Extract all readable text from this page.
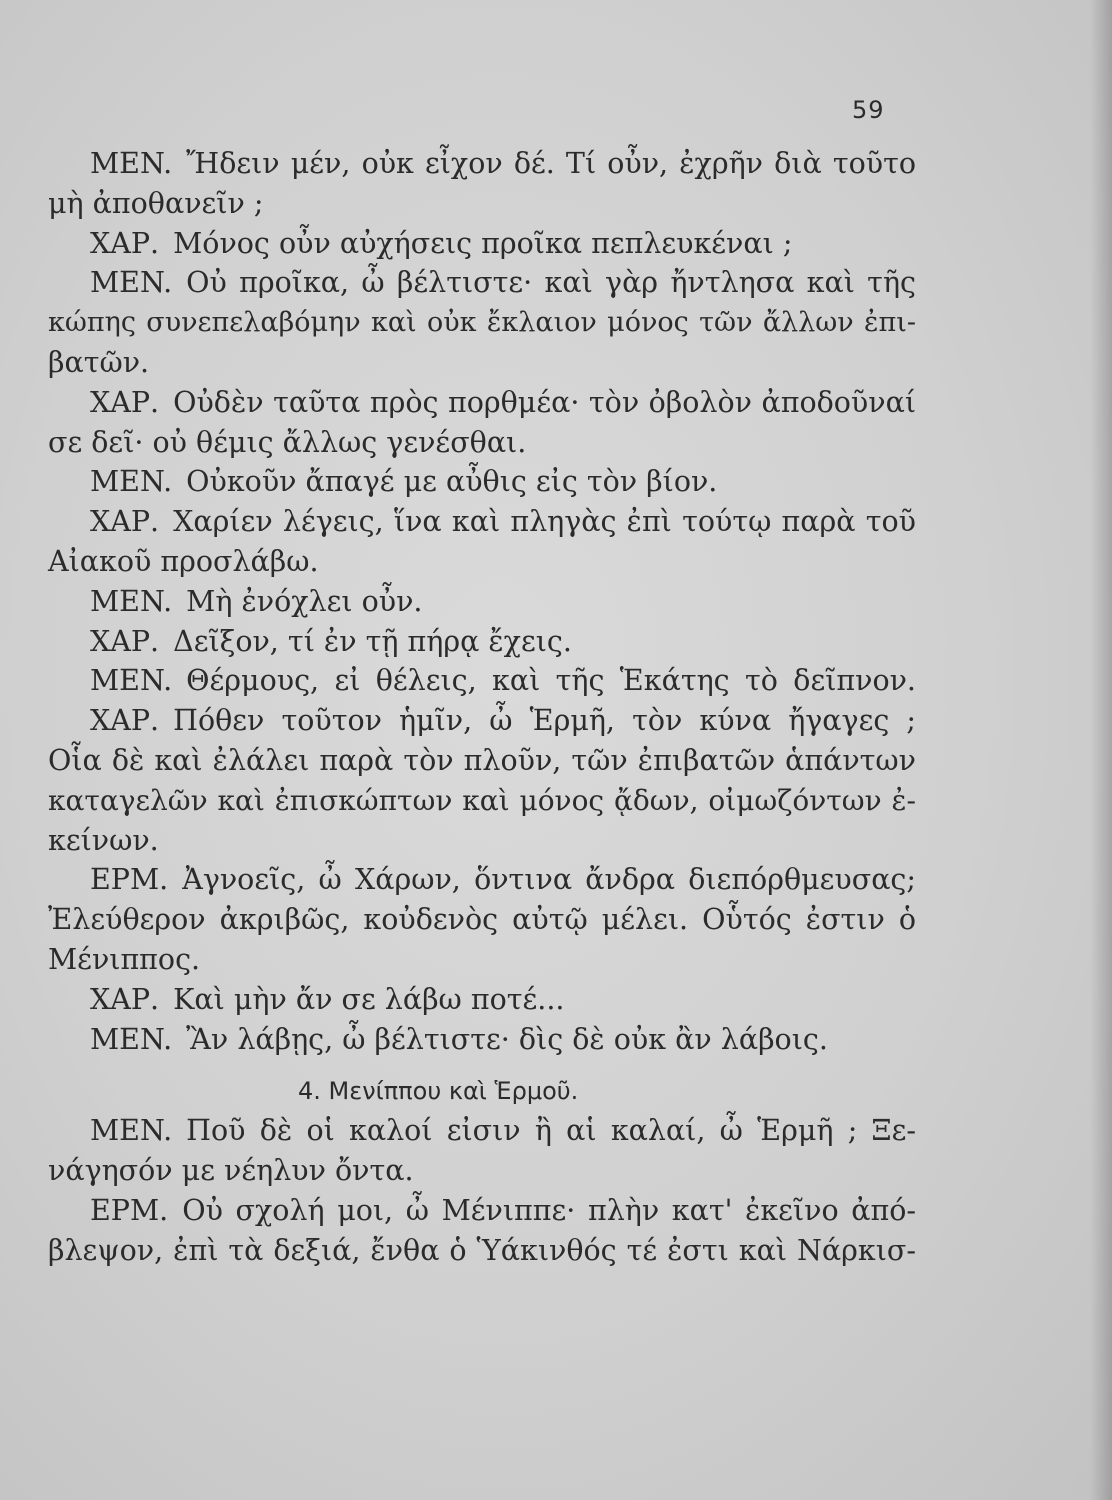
59
MEN. Ἤδειν μέν, οὐκ εἶχον δέ. Τί οὖν, ἐχρῆν διὰ τοῦτο
μὴ ἀποθανεῖν ;
ΧΑΡ. Μόνος οὖν αὐχήσεις προῖκα πεπλευκέναι ;
MEN. Οὐ προῖκα, ὦ βέλτιστε· καὶ γὰρ ἤντλησα καὶ τῆς
κώπης συνεπελαβόμην καὶ οὐκ ἔκλαιον μόνος τῶν ἄλλων ἐπι-
βατῶν.
ΧΑΡ. Οὐδὲν ταῦτα πρὸς πορθμέα· τὸν ὀβολὸν ἀποδοῦναί
σε δεῖ· οὐ θέμις ἄλλως γενέσθαι.
MEN. Οὐκοῦν ἄπαγέ με αὖθις εἰς τὸν βίον.
ΧΑΡ. Χαρίεν λέγεις, ἵνα καὶ πληγὰς ἐπὶ τούτῳ παρὰ τοῦ
Αἰακοῦ προσλάβω.
MEN. Μὴ ἐνόχλει οὖν.
ΧΑΡ. Δεῖξον, τί ἐν τῇ πήρᾳ ἔχεις.
MEN. Θέρμους, εἰ θέλεις, καὶ τῆς Ἑκάτης τὸ δεῖπνον.
ΧΑΡ. Πόθεν τοῦτον ἡμῖν, ὦ Ἑρμῆ, τὸν κύνα ἤγαγες ;
Οἷα δὲ καὶ ἐλάλει παρὰ τὸν πλοῦν, τῶν ἐπιβατῶν ἁπάντων
καταγελῶν καὶ ἐπισκώπτων καὶ μόνος ᾄδων, οἰμωζόντων ἐ-
κείνων.
ΕΡΜ. Ἀγνοεῖς, ὦ Χάρων, ὅντινα ἄνδρα διεπόρθμευσας;
Ἐλεύθερον ἀκριβῶς, κοὐδενὸς αὐτῷ μέλει. Οὗτός ἐστιν ὁ
Μένιππος.
ΧΑΡ. Καὶ μὴν ἄν σε λάβω ποτέ...
MEN. Ἂν λάβῃς, ὦ βέλτιστε· δὶς δὲ οὐκ ἂν λάβοις.
4. Μενίππου καὶ Ἑρμοῦ.
MEN. Ποῦ δὲ οἱ καλοί εἰσιν ἢ αἱ καλαί, ὦ Ἑρμῆ ; Ξε-
νάγησόν με νέηλυν ὄντα.
ΕΡΜ. Οὐ σχολή μοι, ὦ Μένιππε· πλὴν κατ' ἐκεῖνο ἀπό-
βλεψον, ἐπὶ τὰ δεξιά, ἔνθα ὁ Ὑάκινθός τέ ἐστι καὶ Νάρκισ-
